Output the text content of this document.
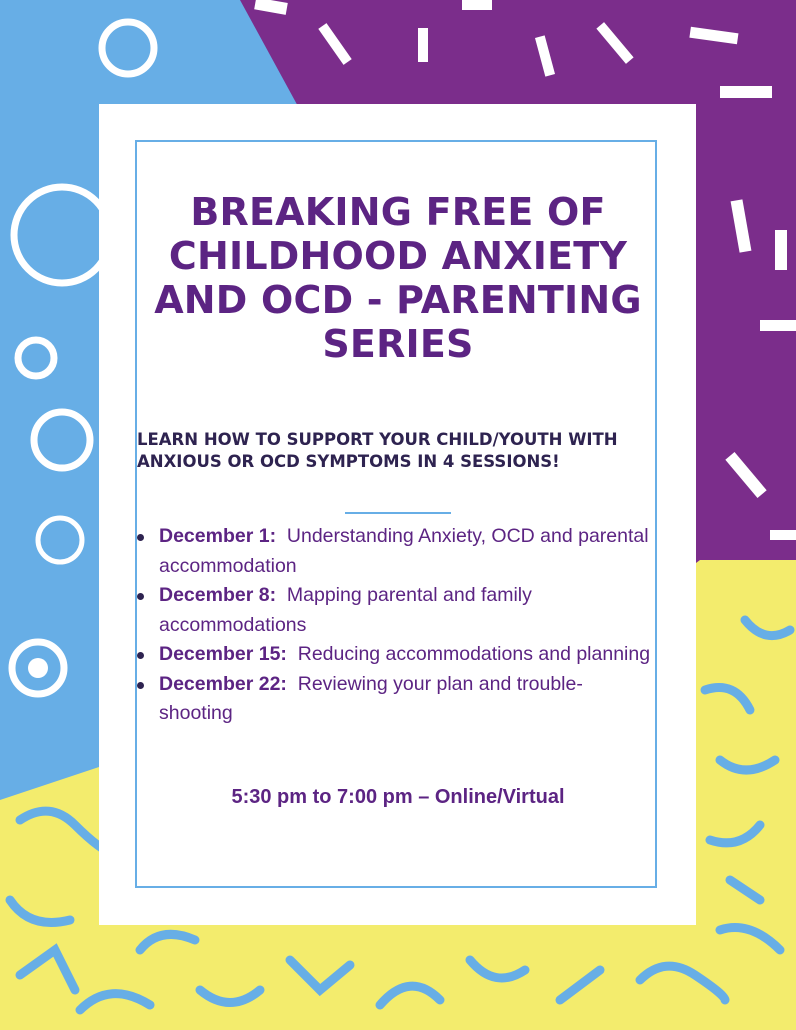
BREAKING FREE OF CHILDHOOD ANXIETY AND OCD - PARENTING SERIES

LEARN HOW TO SUPPORT YOUR CHILD/YOUTH WITH ANXIOUS OR OCD SYMPTOMS IN 4 SESSIONS!

December 1: Understanding Anxiety, OCD and parental accommodation
December 8: Mapping parental and family accommodations
December 15: Reducing accommodations and planning
December 22: Reviewing your plan and trouble-shooting

5:30 pm to 7:00 pm – Online/Virtual
